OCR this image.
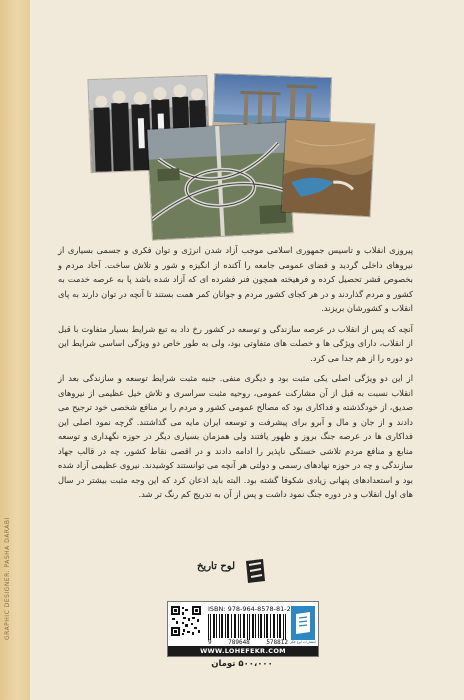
GRAPHIC DESIGNER: PASHA DARABI

پیروزی انقلاب و تاسیس جمهوری اسلامی موجب آزاد شدن انرژی و توان فکری و جسمی بسیاری از نیروهای داخلی گردید و فضای عمومی جامعه را آکنده از انگیزه و شور و تلاش ساخت. آحاد مردم و بخصوص قشر تحصیل کرده و فرهیخته همچون فنر فشرده ای که آزاد شده باشد پا به عرصه خدمت به کشور و مردم گذاردند و در هر کجای کشور مردم و جوانان کمر همت بستند تا آنچه در توان دارند به پای انقلاب و کشورشان بریزند.

آنچه که پس از انقلاب در عرصه سازندگی و توسعه در کشور رخ داد به تبع شرایط بسیار متفاوت با قبل از انقلاب، دارای ویژگی ها و خصلت های متفاوتی بود، ولی به طور خاص دو ویژگی اساسی شرایط این دو دوره را از هم جدا می کرد.

از این دو ویژگی اصلی یکی مثبت بود و دیگری منفی. جنبه مثبت شرایط توسعه و سازندگی بعد از انقلاب نسبت به قبل از آن مشارکت عمومی، روحیه مثبت سراسری و تلاش خیل عظیمی از نیروهای صدیق، از خودگذشته و فداکاری بود که مصالح عمومی کشور و مردم را بر منافع شخصی خود ترجیح می دادند و از جان و مال و آبرو برای پیشرفت و توسعه ایران مایه می گذاشتند. گرچه نمود اصلی این فداکاری ها در عرصه جنگ بروز و ظهور یافتند ولی همزمان بسیاری دیگر در حوزه نگهداری و توسعه منابع و منافع مردم تلاشی خستگی ناپذیر را ادامه دادند و در اقصی نقاط کشور، چه در قالب جهاد سازندگی و چه در حوزه نهادهای رسمی و دولتی هر آنچه می توانستند کوشیدند. نیروی عظیمی آزاد شده بود و استعدادهای پنهانی زیادی شکوفا گشته بود. البته باید اذعان کرد که این وجه مثبت بیشتر در سال های اول انقلاب و در دوره جنگ نمود داشت و پس از آن به تدریج کم رنگ تر شد.

لوح تاریخ
ISBN: 978-964-8578-81-2
9	789648	578812 انتشارات لوح فکر
WWW.LOHEFEKR.COM
۵۰۰،۰۰۰ تومان
